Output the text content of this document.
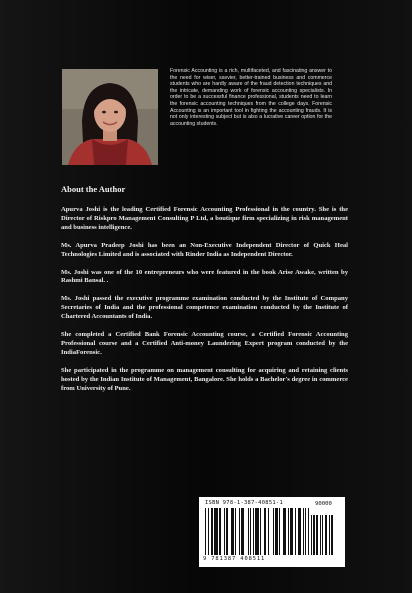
Forensic Accounting is a rich, multifaceted, and fascinating answer to the need for wiser, savvier, better-trained business and commerce students who are hardly aware of the fraud detection techniques and the intricate, demanding work of forensic accounting specialists. In order to be a successful finance professional, students need to learn the forensic accounting techniques from the college days. Forensic Accounting is an important tool in fighting the accounting frauds. It is not only interesting subject but is also a lucrative career option for the accounting students.
About the Author

Apurva Joshi is the leading Certified Forensic Accounting Professional in the country. She is the Director of Riskpro Management Consulting P Ltd, a boutique firm specializing in risk management and business intelligence.

Ms. Apurva Pradeep Joshi has been an Non-Executive Independent Director of Quick Heal Technologies Limited and is associated with Rinder India as Independent Director.

Ms. Joshi was one of the 10 entrepreneurs who were featured in the book Arise Awake, written by Rashmi Bansal. .

Ms. Joshi passed the executive programme examination conducted by the Institute of Company Secretaries of India and the professional competence examination conducted by the Institute of Chartered Accountants of India.

She completed a Certified Bank Forensic Accounting course, a Certified Forensic Accounting Professional course and a Certified Anti-money Laundering Expert program conducted by the IndiaForensic.

She participated in the programme on management consulting for acquiring and retaining clients hosted by the Indian Institute of Management, Bangalore. She holds a Bachelor's degree in commerce from University of Pune.

ISBN 978-1-387-40851-1	90000
9 781387 408511
